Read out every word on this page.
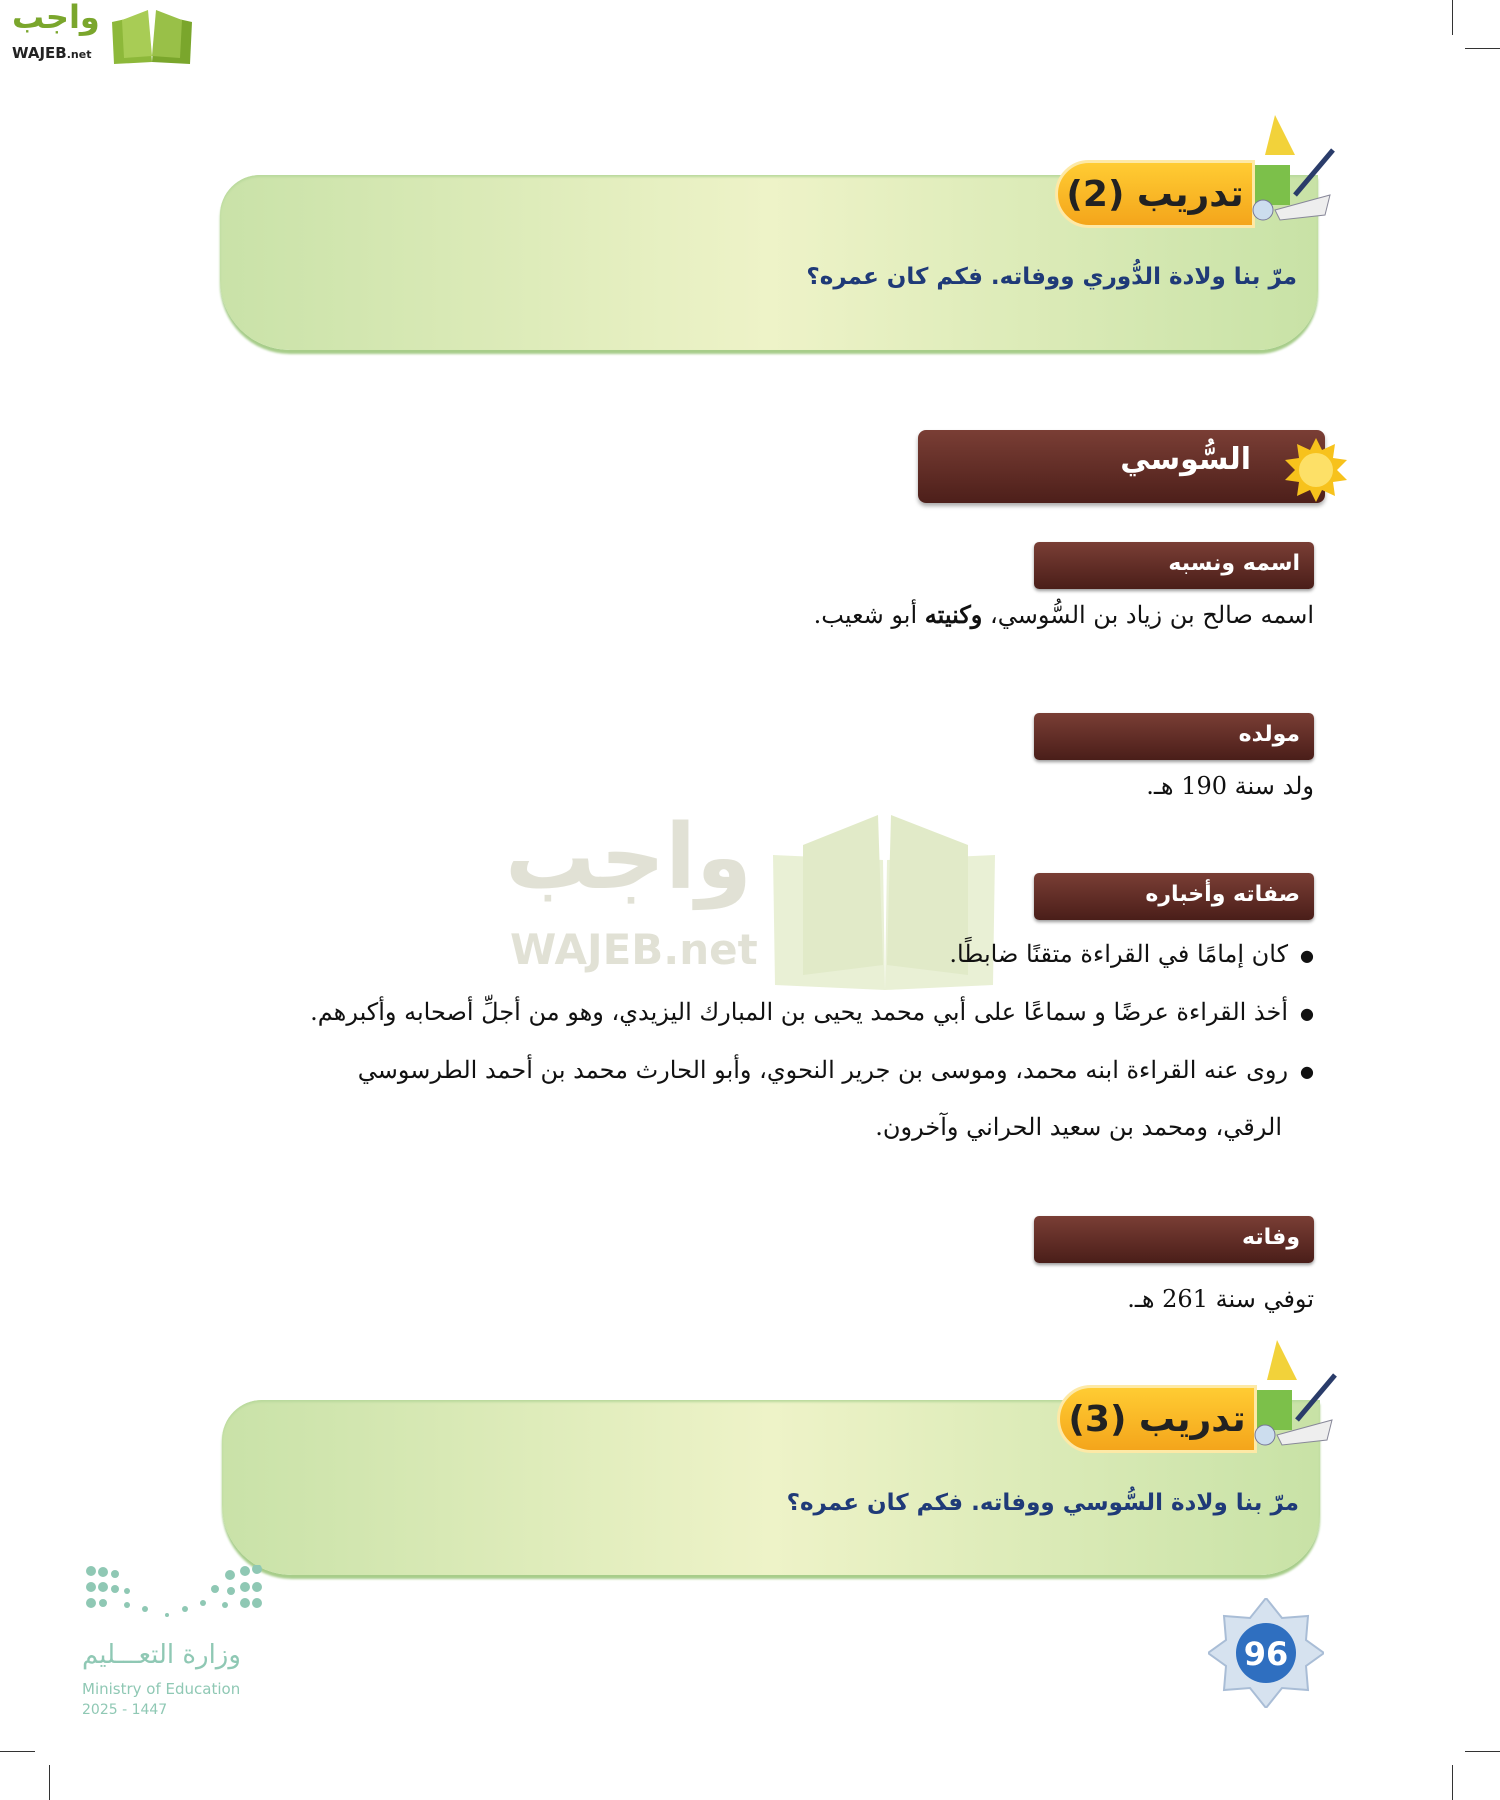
واجب
WAJEB.net
تدريب (2)
مرّ بنا ولادة الدُّوري ووفاته. فكم كان عمره؟
السُّوسي
اسمه ونسبه
اسمه صالح بن زياد بن السُّوسي، وكنيته أبو شعيب.
مولده
ولد سنة 190 هـ.
واجب
WAJEB.net
صفاته وأخباره
● كان إمامًا في القراءة متقنًا ضابطًا.
● أخذ القراءة عرضًا و سماعًا على أبي محمد يحيى بن المبارك اليزيدي، وهو من أجلِّ أصحابه وأكبرهم.
● روى عنه القراءة ابنه محمد، وموسى بن جرير النحوي، وأبو الحارث محمد بن أحمد الطرسوسي
الرقي، ومحمد بن سعيد الحراني وآخرون.
وفاته
توفي سنة 261 هـ.
تدريب (3)
مرّ بنا ولادة السُّوسي ووفاته. فكم كان عمره؟
وزارة التعـــليم
Ministry of Education
2025 - 1447
96
